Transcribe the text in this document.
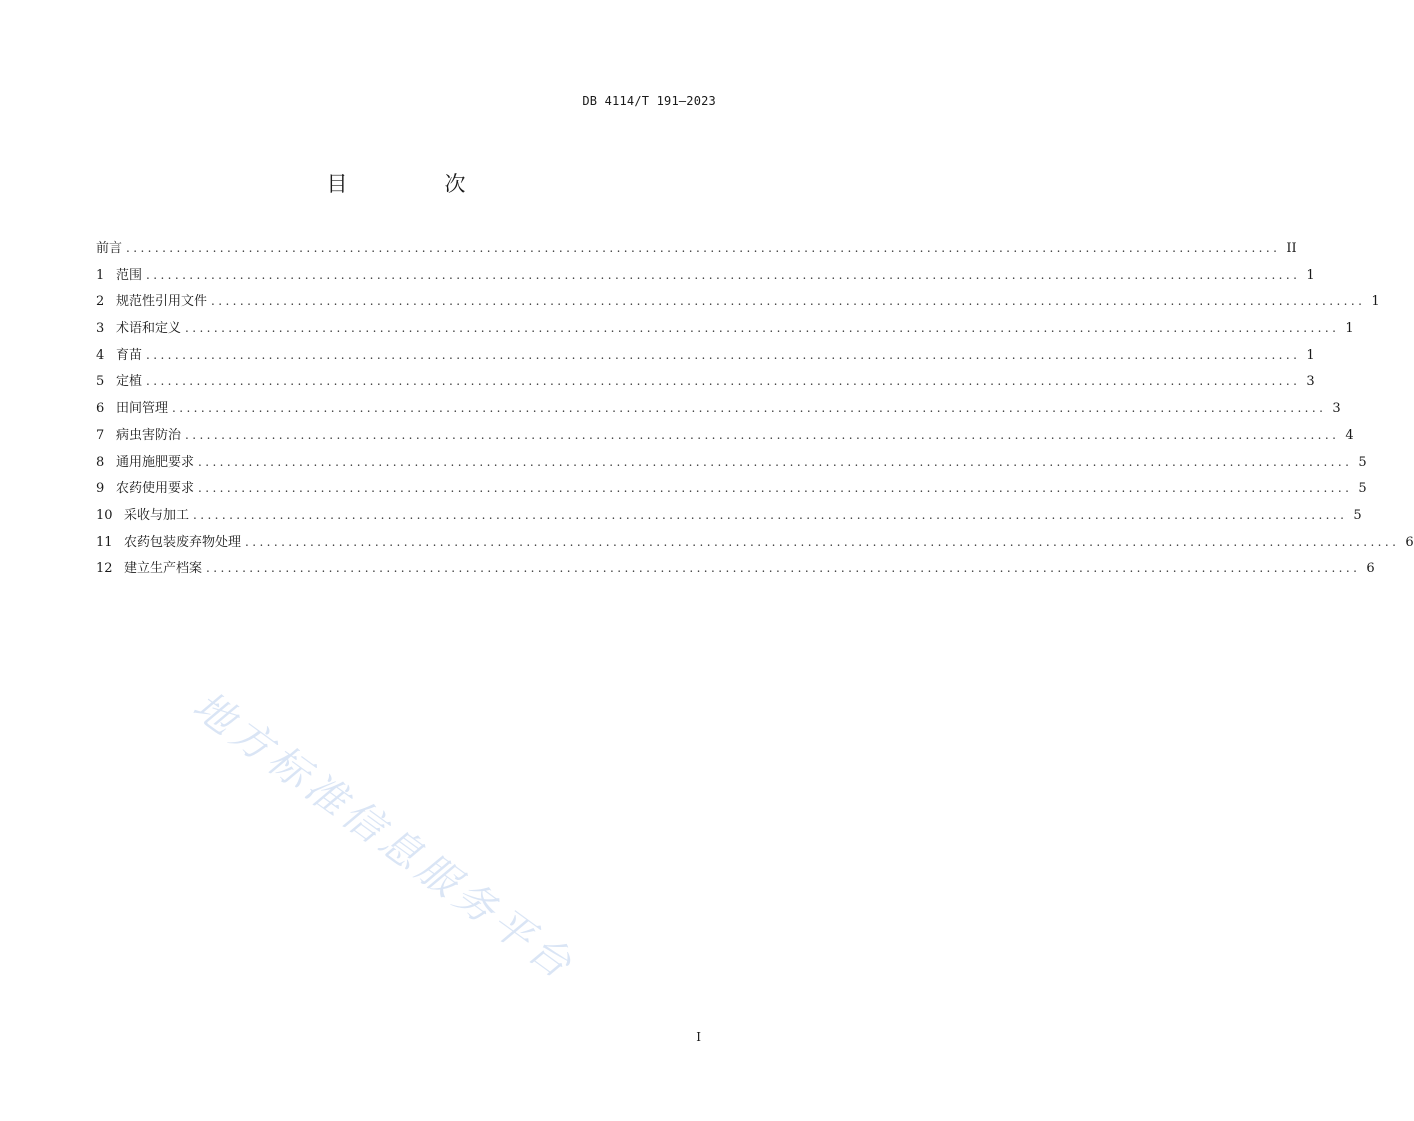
DB 4114/T 191—2023
目　次
前言 ................................................................................................................................................................ II
1 范围 ................................................................................................................................................................ 1
2 规范性引用文件 ................................................................................................................................................................ 1
3 术语和定义 ................................................................................................................................................................ 1
4 育苗 ................................................................................................................................................................ 1
5 定植 ................................................................................................................................................................ 3
6 田间管理 ................................................................................................................................................................ 3
7 病虫害防治 ................................................................................................................................................................ 4
8 通用施肥要求 ................................................................................................................................................................ 5
9 农药使用要求 ................................................................................................................................................................ 5
10 采收与加工 ................................................................................................................................................................ 5
11 农药包装废弃物处理 ................................................................................................................................................................ 6
12 建立生产档案 ................................................................................................................................................................ 6
地方标准信息服务平台
I
